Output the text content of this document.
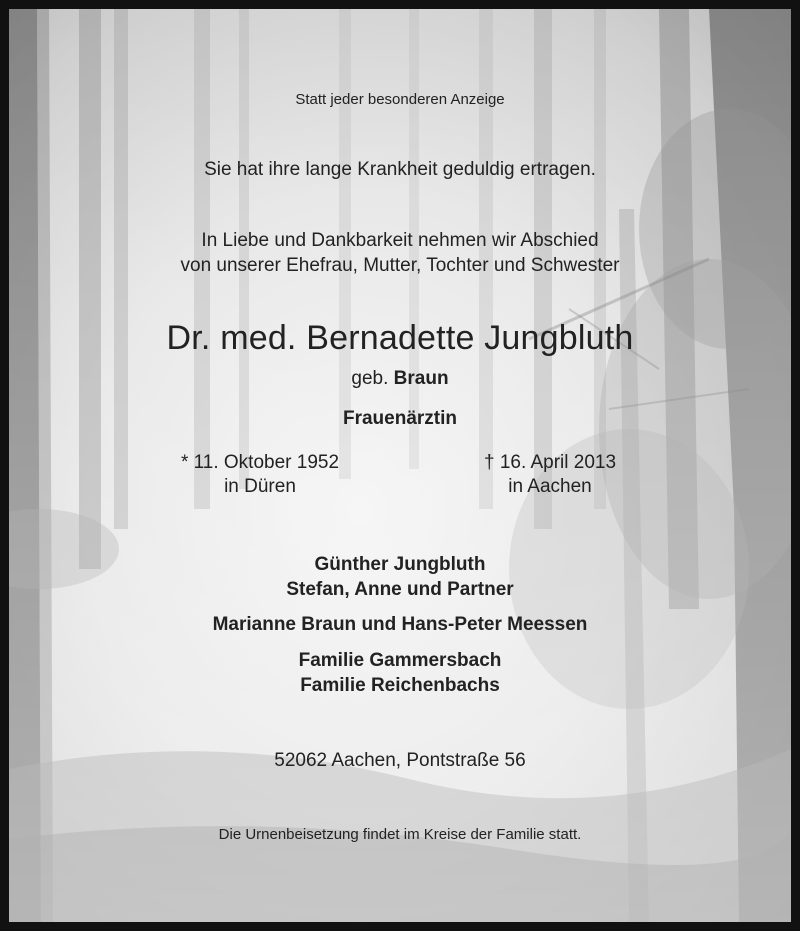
Statt jeder besonderen Anzeige

Sie hat ihre lange Krankheit geduldig ertragen.

In Liebe und Dankbarkeit nehmen wir Abschied

von unserer Ehefrau, Mutter, Tochter und Schwester

Dr. med. Bernadette Jungbluth

geb. Braun

Frauenärztin

* 11. Oktober 1952
in Düren
† 16. April 2013
in Aachen

Günther Jungbluth

Stefan, Anne und Partner

Marianne Braun und Hans-Peter Meessen

Familie Gammersbach

Familie Reichenbachs

52062 Aachen, Pontstraße 56

Die Urnenbeisetzung findet im Kreise der Familie statt.
